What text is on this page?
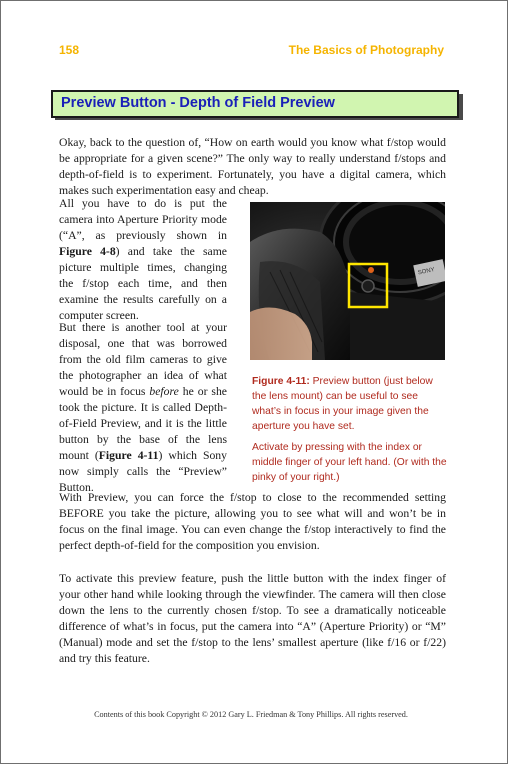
158	The Basics of Photography
Preview Button - Depth of Field Preview

Okay, back to the question of, “How on earth would you know what f/stop would be appropriate for a given scene?” The only way to really understand f/stops and depth-of-field is to experiment. Fortunately, you have a digital camera, which makes such experimentation easy and cheap.

All you have to do is put the camera into Aperture Priority mode (“A”, as previously shown in Figure 4-8) and take the same picture multiple times, changing the f/stop each time, and then examine the results carefully on a computer screen.

But there is another tool at your disposal, one that was borrowed from the old film cameras to give the photographer an idea of what would be in focus before he or she took the picture. It is called Depth-of-Field Preview, and it is the little button by the base of the lens mount (Figure 4-11) which Sony now simply calls the “Preview” Button.

SONY

Figure 4-11: Preview button (just below the lens mount) can be useful to see what’s in focus in your image given the aperture you have set.

Activate by pressing with the index or middle finger of your left hand. (Or with the pinky of your right.)

With Preview, you can force the f/stop to close to the recommended setting BEFORE you take the picture, allowing you to see what will and won’t be in focus on the final image. You can even change the f/stop interactively to find the perfect depth-of-field for the composition you envision.

To activate this preview feature, push the little button with the index finger of your other hand while looking through the viewfinder. The camera will then close down the lens to the currently chosen f/stop. To see a dramatically noticeable difference of what’s in focus, put the camera into “A” (Aperture Priority) or “M” (Manual) mode and set the f/stop to the lens’ smallest aperture (like f/16 or f/22) and try this feature.

Contents of this book Copyright © 2012 Gary L. Friedman & Tony Phillips. All rights reserved.
